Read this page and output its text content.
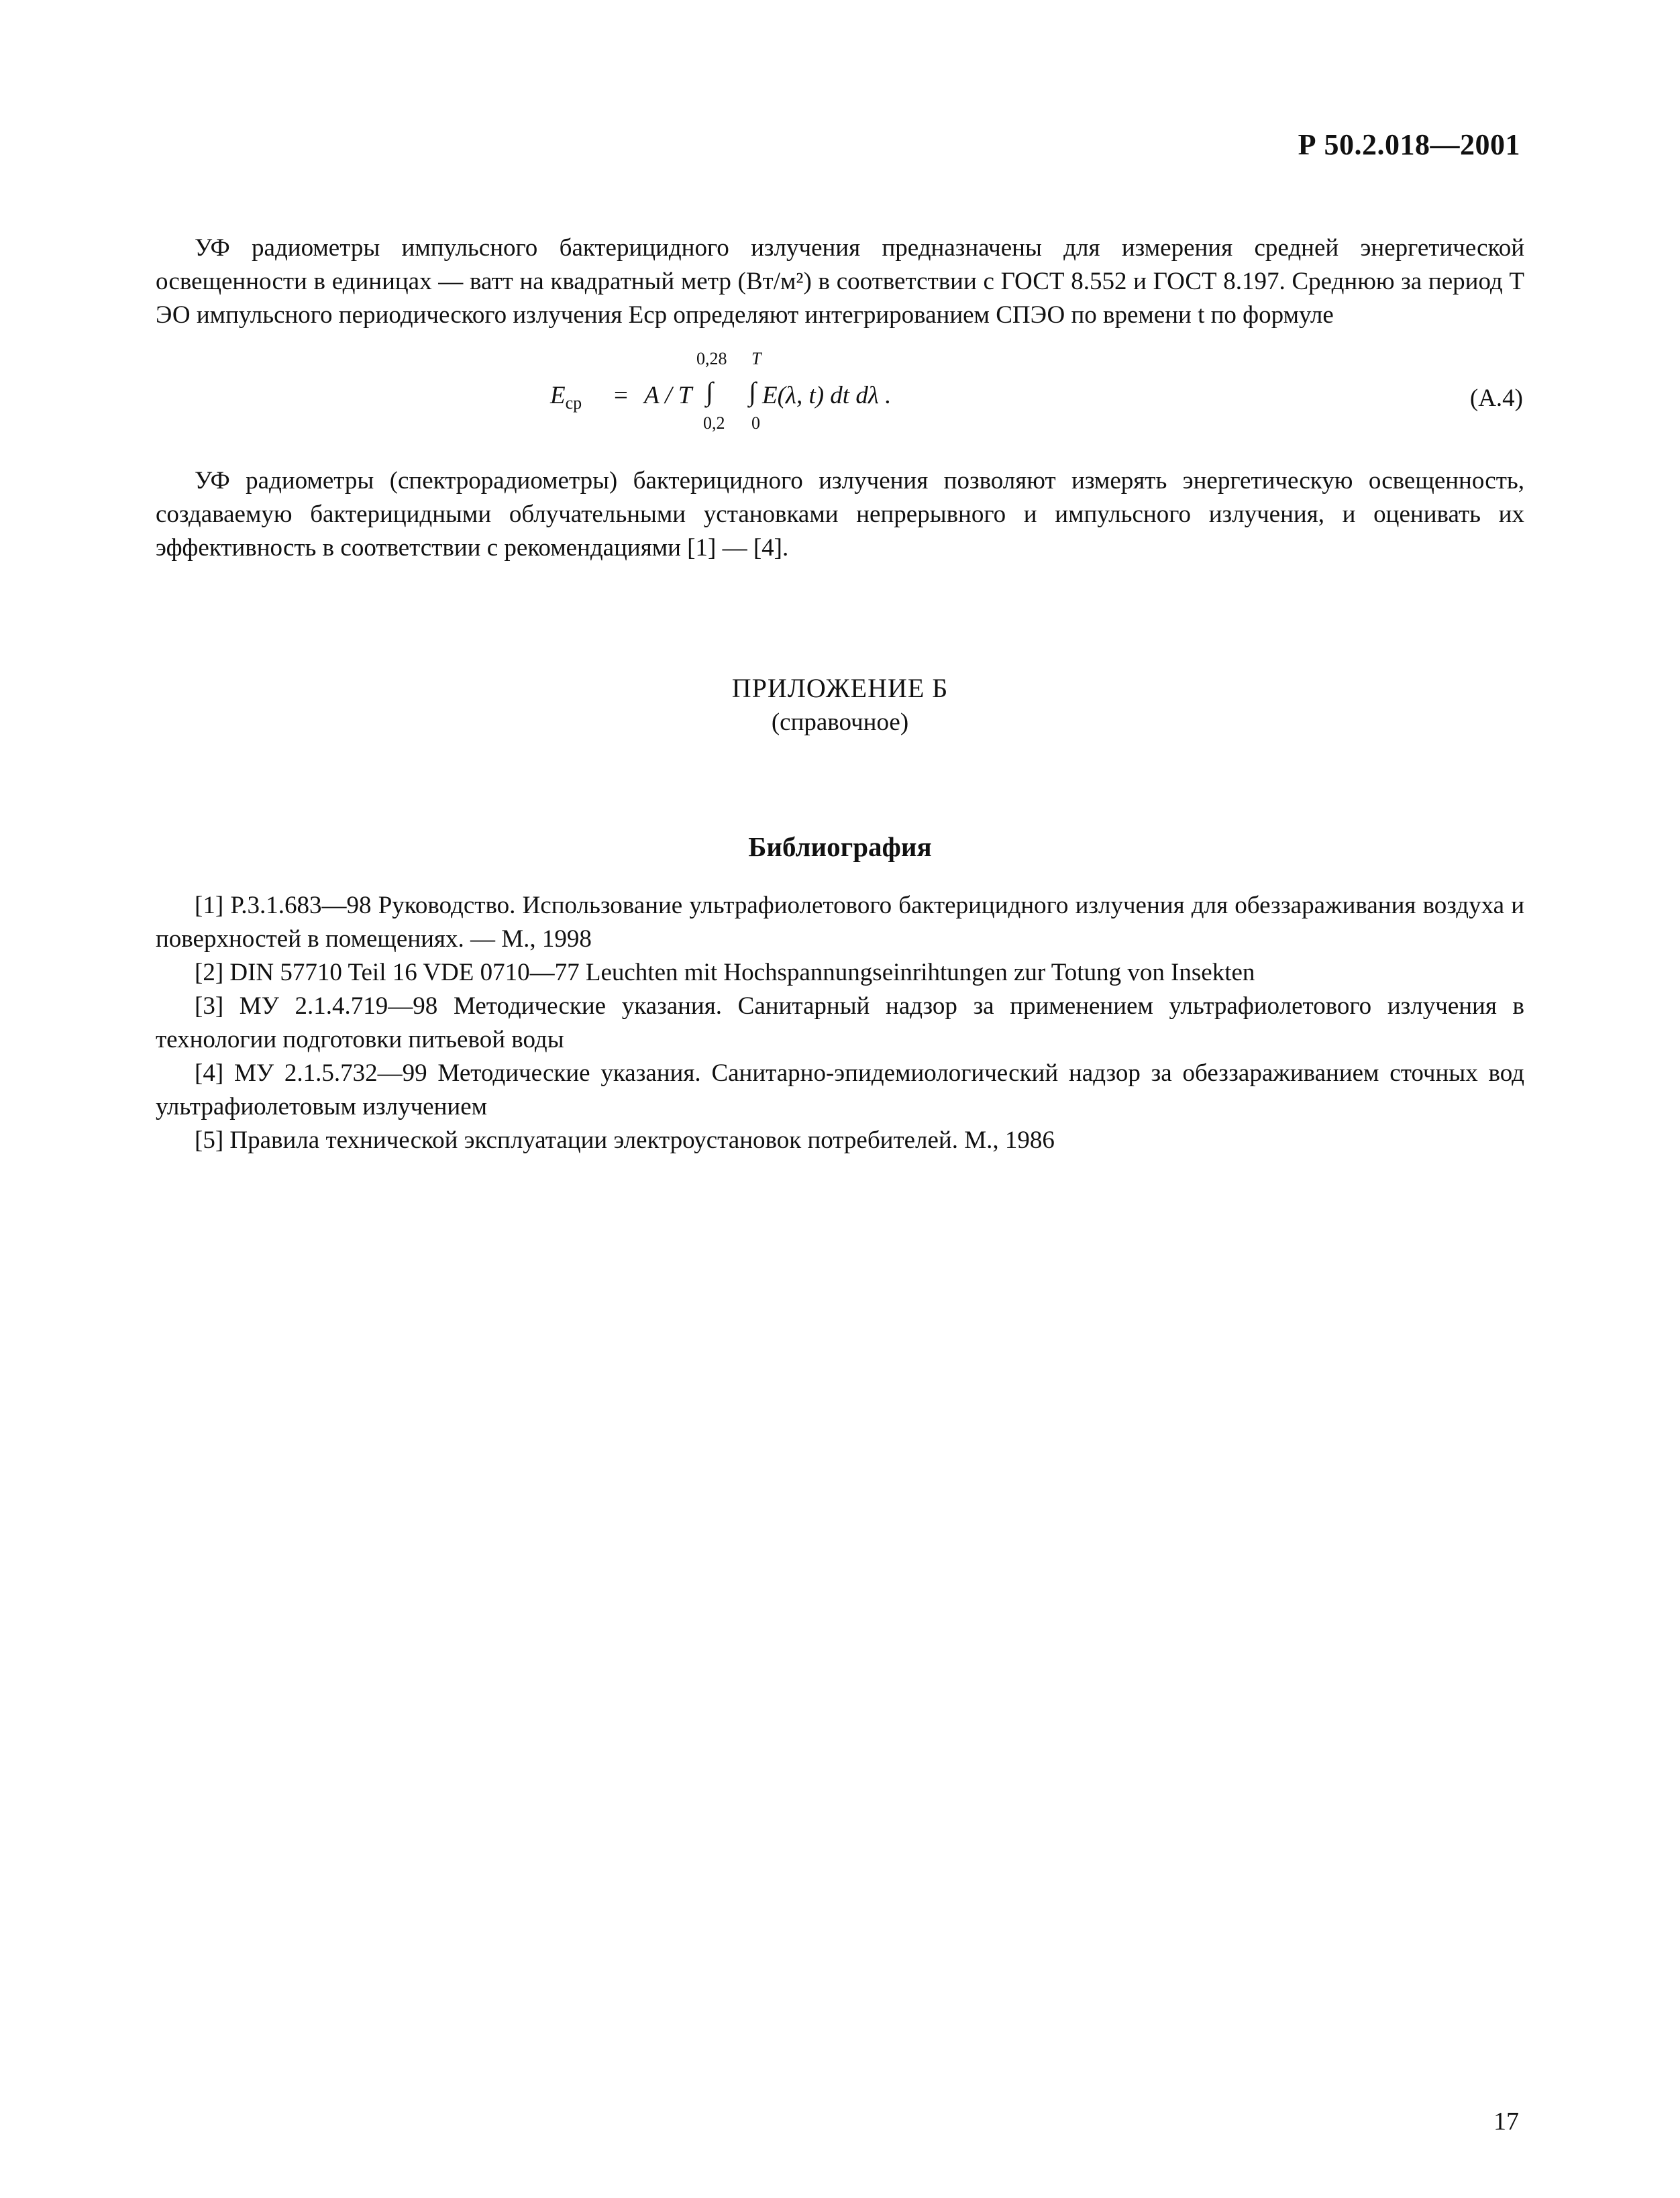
Р 50.2.018—2001

УФ радиометры импульсного бактерицидного излучения предназначены для измерения средней энергетической освещенности в единицах — ватт на квадратный метр (Вт/м²) в соответствии с ГОСТ 8.552 и ГОСТ 8.197. Среднюю за период T ЭО импульсного периодического излучения Eср определяют интегрированием СПЭО по времени t по формуле

$E_{ср} = A / T$
0,28
∫
0,2
T
∫
0
E(λ, t) dt dλ .	(A.4)

УФ радиометры (спектрорадиометры) бактерицидного излучения позволяют измерять энергетическую освещенность, создаваемую бактерицидными облучательными установками непрерывного и импульсного излучения, и оценивать их эффективность в соответствии с рекомендациями [1] — [4].

ПРИЛОЖЕНИЕ Б
(справочное)
Библиография
[1] Р.3.1.683—98 Руководство. Использование ультрафиолетового бактерицидного излучения для обеззараживания воздуха и поверхностей в помещениях. — М., 1998
[2] DIN 57710 Teil 16 VDE 0710—77 Leuchten mit Hochspannungseinrihtungen zur Totung von Insekten
[3] МУ 2.1.4.719—98 Методические указания. Санитарный надзор за применением ультрафиолетового излучения в технологии подготовки питьевой воды
[4] МУ 2.1.5.732—99 Методические указания. Санитарно-эпидемиологический надзор за обеззараживанием сточных вод ультрафиолетовым излучением
[5] Правила технической эксплуатации электроустановок потребителей. М., 1986
17
